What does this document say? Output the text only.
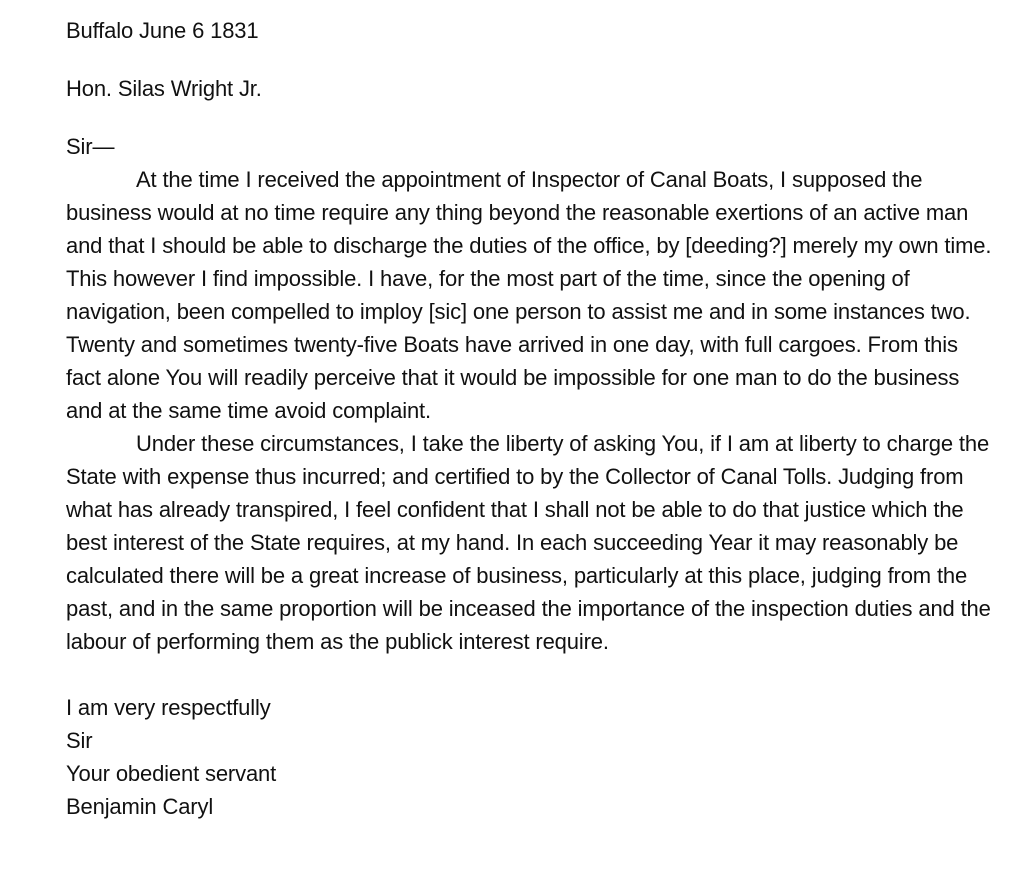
Buffalo June 6 1831

Hon. Silas Wright Jr.

Sir—

At the time I received the appointment of Inspector of Canal Boats, I supposed the business would at no time require any thing beyond the reasonable exertions of an active man and that I should be able to discharge the duties of the office, by [deeding?] merely my own time. This however I find impossible. I have, for the most part of the time, since the opening of navigation, been compelled to imploy [sic] one person to assist me and in some instances two. Twenty and sometimes twenty-five Boats have arrived in one day, with full cargoes. From this fact alone You will readily perceive that it would be impossible for one man to do the business and at the same time avoid complaint.

Under these circumstances, I take the liberty of asking You, if I am at liberty to charge the State with expense thus incurred; and certified to by the Collector of Canal Tolls. Judging from what has already transpired, I feel confident that I shall not be able to do that justice which the best interest of the State requires, at my hand. In each succeeding Year it may reasonably be calculated there will be a great increase of business, particularly at this place, judging from the past, and in the same proportion will be inceased the importance of the inspection duties and the labour of performing them as the publick interest require.

I am very respectfully

Sir

Your obedient servant

Benjamin Caryl
